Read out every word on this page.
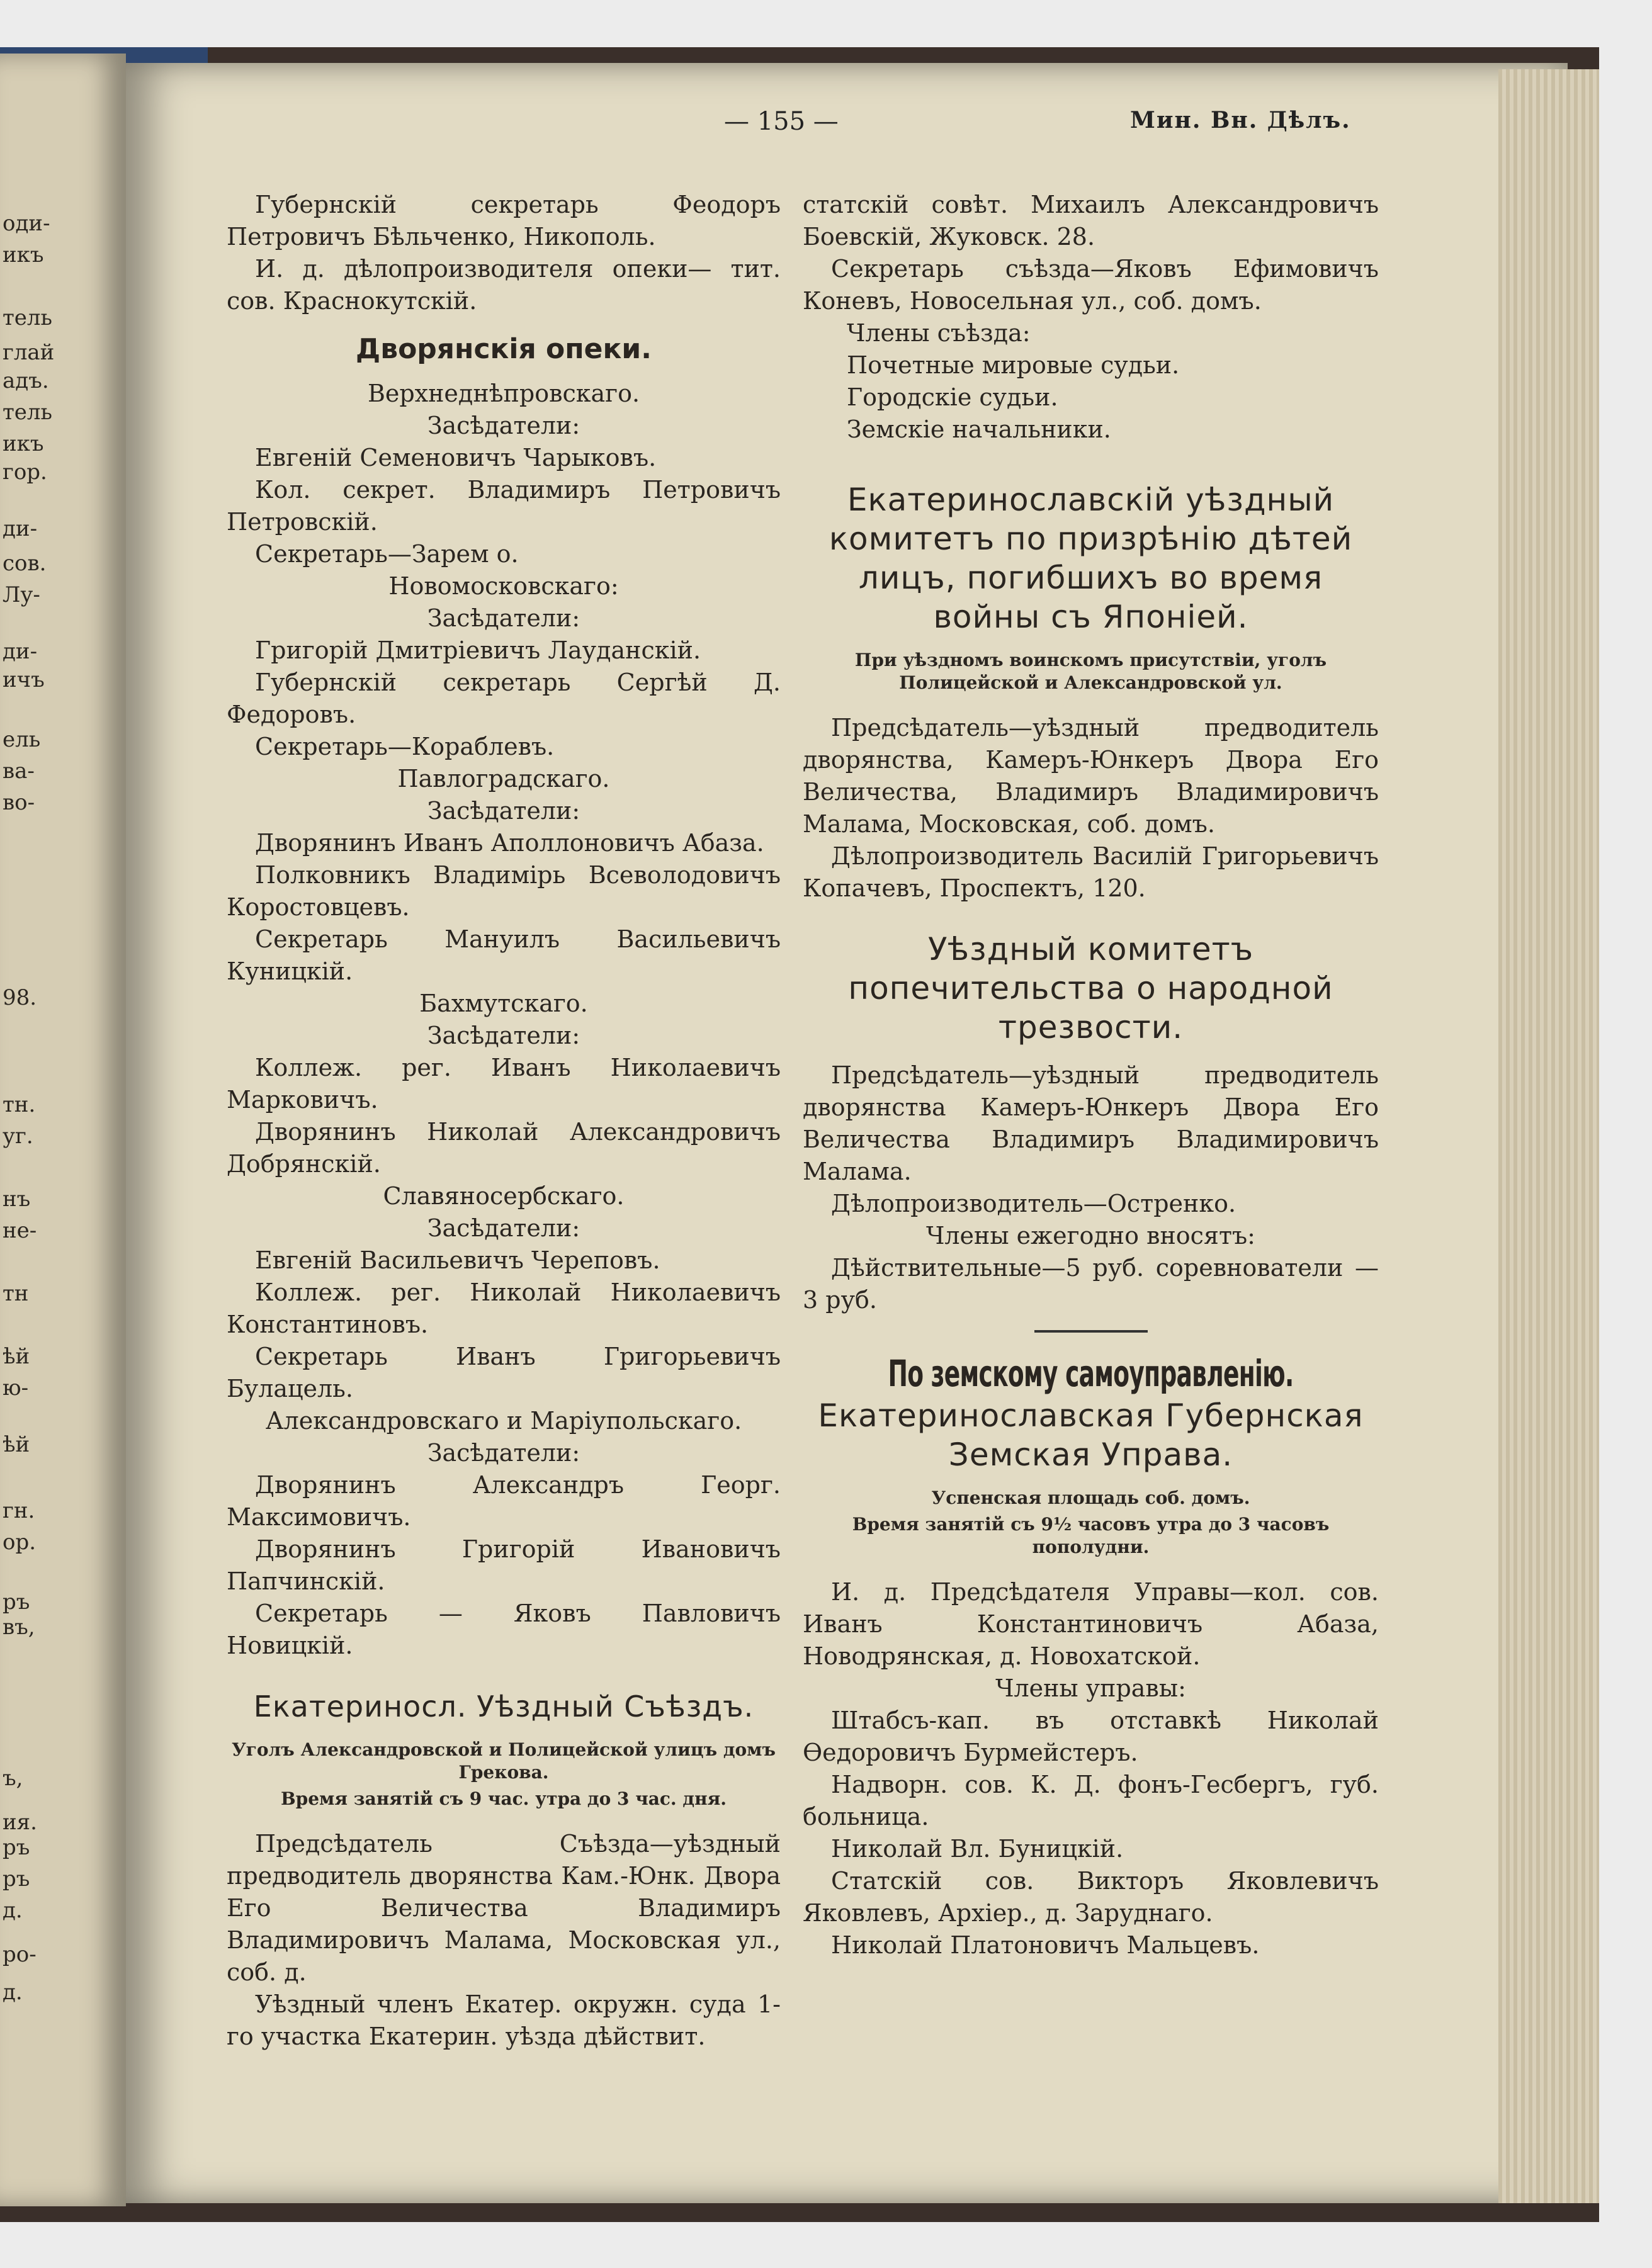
оди-
икъ
тель
глай
адъ.
тель
икъ
гор.
ди-
сов.
Лу-
ди-
ичъ
ель
ва-
во-
98.
тн.
уг.
нъ
не-
тн
ѣй
ю-
ѣй
гн.
ор.
ръ
въ,
ъ,
ия.
ръ
ръ
д.
ро-
д.
— 155 —	Мин. Вн. Дѣлъ.

Губернскій секретарь Феодоръ Петровичъ Бѣльченко, Никополь.

И. д. дѣлопроизводителя опеки— тит. сов. Краснокутскій.

Дворянскія опеки.

Верхнеднѣпровскаго.

Засѣдатели:

Евгеній Семеновичъ Чарыковъ.

Кол. секрет. Владимиръ Петровичъ Петровскій.

Секретарь—Зарем о.

Новомосковскаго:

Засѣдатели:

Григорій Дмитріевичъ Лауданскій.

Губернскій секретарь Сергѣй Д. Федоровъ.

Секретарь—Кораблевъ.

Павлоградскаго.

Засѣдатели:

Дворянинъ Иванъ Аполлоновичъ Абаза.

Полковникъ Владимірь Всеволодовичъ Коростовцевъ.

Секретарь Мануилъ Васильевичъ Куницкій.

Бахмутскаго.

Засѣдатели:

Коллеж. рег. Иванъ Николаевичъ Марковичъ.

Дворянинъ Николай Александровичъ Добрянскій.

Славяносербскаго.

Засѣдатели:

Евгеній Васильевичъ Череповъ.

Коллеж. рег. Николай Николаевичъ Константиновъ.

Секретарь Иванъ Григорьевичъ Булацель.

Александровскаго и Маріупольскаго.

Засѣдатели:

Дворянинъ Александръ Георг. Максимовичъ.

Дворянинъ Григорій Ивановичъ Папчинскій.

Секретарь — Яковъ Павловичъ Новицкій.

Екатериносл. Уѣздный Съѣздъ.
Уголъ Александровской и Полицейской улицъ домъ Грекова.
Время занятій съ 9 час. утра до 3 час. дня.

Предсѣдатель Съѣзда—уѣздный предводитель дворянства Кам.-Юнк. Двора Его Величества Владимиръ Владимировичъ Малама, Московская ул., соб. д.

Уѣздный членъ Екатер. окружн. суда 1-го участка Екатерин. уѣзда дѣйствит.

статскій совѣт. Михаилъ Александровичъ Боевскій, Жуковск. 28.

Секретарь съѣзда—Яковъ Ефимовичъ Коневъ, Новосельная ул., соб. домъ.

Члены съѣзда:

Почетные мировые судьи.

Городскіе судьи.

Земскіе начальники.

Екатеринославскій уѣздный комитетъ по призрѣнію дѣтей лицъ, погибшихъ во время войны съ Японіей.
При уѣздномъ воинскомъ присутствіи, уголъ Полицейской и Александровской ул.

Предсѣдатель—уѣздный предводитель дворянства, Камеръ-Юнкеръ Двора Его Величества, Владимиръ Владимировичъ Малама, Московская, соб. домъ.

Дѣлопроизводитель Василій Григорьевичъ Копачевъ, Проспектъ, 120.

Уѣздный комитетъ попечительства о народной трезвости.

Предсѣдатель—уѣздный предводитель дворянства Камеръ-Юнкеръ Двора Его Величества Владимиръ Владимировичъ Малама.

Дѣлопроизводитель—Остренко.

Члены ежегодно вносятъ:

Дѣйствительные—5 руб. соревнователи —3 руб.

По земскому самоуправленію.
Екатеринославская Губернская Земская Управа.
Успенская площадь соб. домъ.
Время занятій съ 9½ часовъ утра до 3 часовъ пополудни.

И. д. Предсѣдателя Управы—кол. сов. Иванъ Константиновичъ Абаза, Новодрянская, д. Новохатской.

Члены управы:

Штабсъ-кап. въ отставкѣ Николай Ѳедоровичъ Бурмейстеръ.

Надворн. сов. К. Д. фонъ-Гесбергъ, губ. больница.

Николай Вл. Буницкій.

Статскій сов. Викторъ Яковлевичъ Яковлевъ, Архіер., д. Заруднаго.

Николай Платоновичъ Мальцевъ.
